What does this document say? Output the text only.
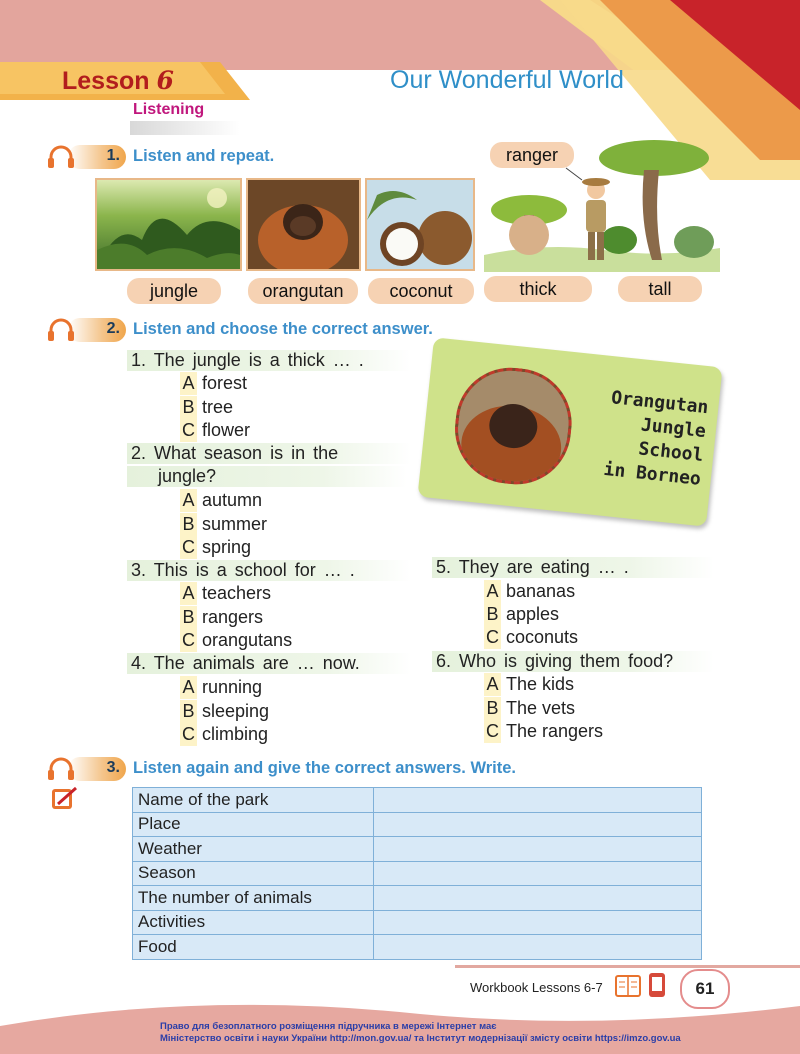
Lesson 6	Our Wonderful World
Listening
1. Listen and repeat.	ranger
jungle	orangutan	coconut	thick	tall
2. Listen and choose the correct answer.
Orangutan
Jungle
School
in Borneo
1. The jungle is a thick … .
A forest
B tree
C flower
2. What season is in the
jungle?
A autumn
B summer
C spring
3. This is a school for … .
A teachers
B rangers
C orangutans
4. The animals are … now.
A running
B sleeping
C climbing
5. They are eating … .
A bananas
B apples
C coconuts
6. Who is giving them food?
A The kids
B The vets
C The rangers
3. Listen again and give the correct answers. Write.
Name of the park	
Place	
Weather	
Season	
The number of animals	
Activities	
Food	
Workbook Lessons 6-7	61
Право для безоплатного розміщення підручника в мережі Інтернет має
Міністерство освіти і науки України http://mon.gov.ua/ та Інститут модернізації змісту освіти https://imzo.gov.ua
